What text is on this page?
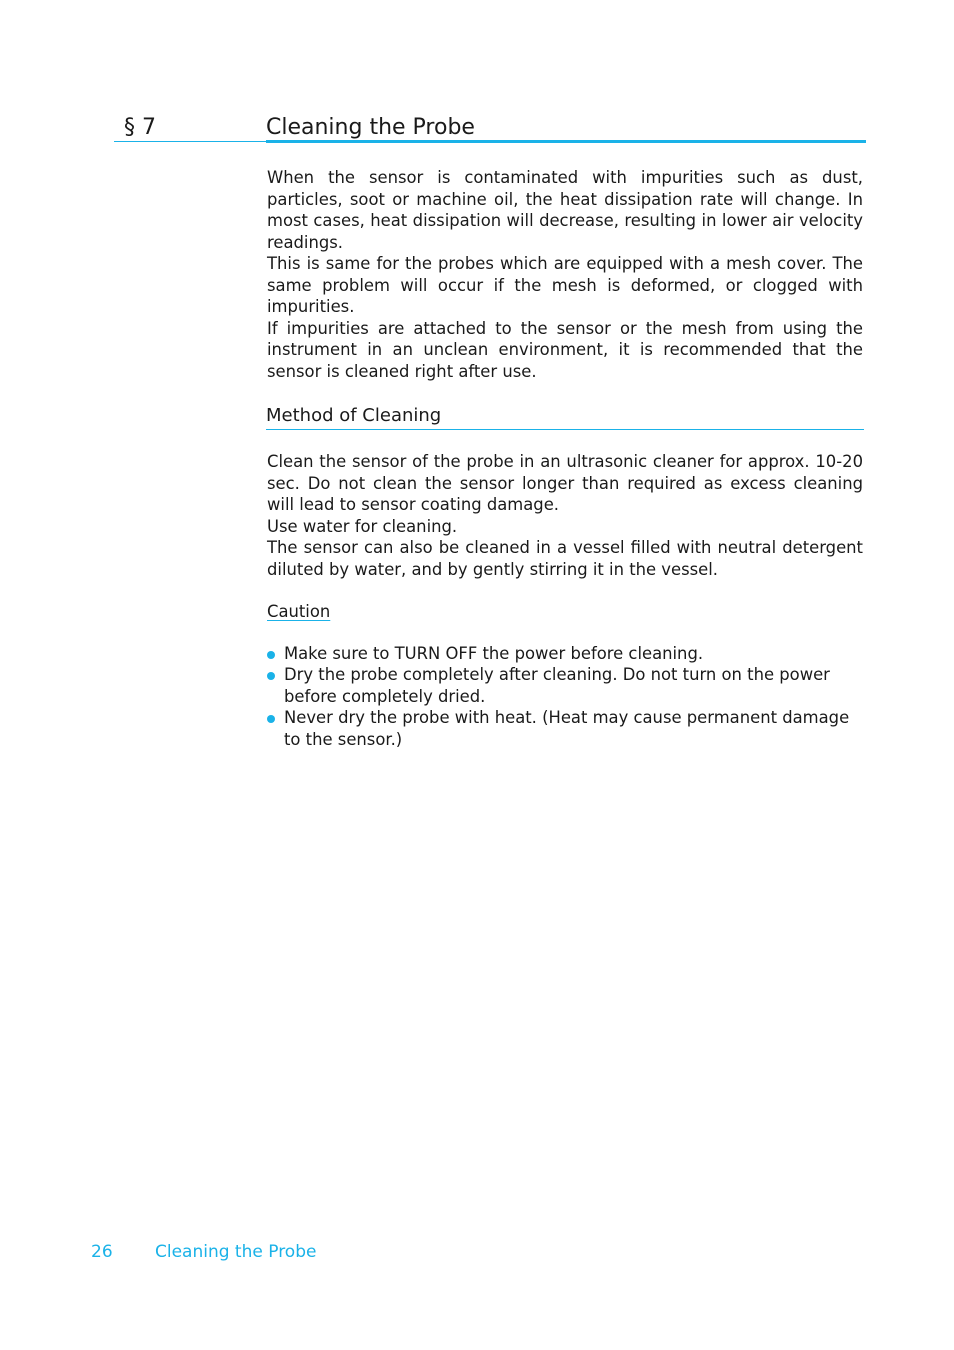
§ 7	Cleaning the Probe

When the sensor is contaminated with impurities such as dust, particles, soot or machine oil, the heat dissipation rate will change. In most cases, heat dissipation will decrease, resulting in lower air velocity readings.

This is same for the probes which are equipped with a mesh cover. The same problem will occur if the mesh is deformed, or clogged with impurities.

If impurities are attached to the sensor or the mesh from using the instrument in an unclean environment, it is recommended that the sensor is cleaned right after use.

Method of Cleaning

Clean the sensor of the probe in an ultrasonic cleaner for approx. 10-20 sec. Do not clean the sensor longer than required as excess cleaning will lead to sensor coating damage.

Use water for cleaning.

The sensor can also be cleaned in a vessel filled with neutral detergent diluted by water, and by gently stirring it in the vessel.

Caution
Make sure to TURN OFF the power before cleaning.
Dry the probe completely after cleaning. Do not turn on the power before completely dried.
Never dry the probe with heat. (Heat may cause permanent damage to the sensor.)
26 Cleaning the Probe
